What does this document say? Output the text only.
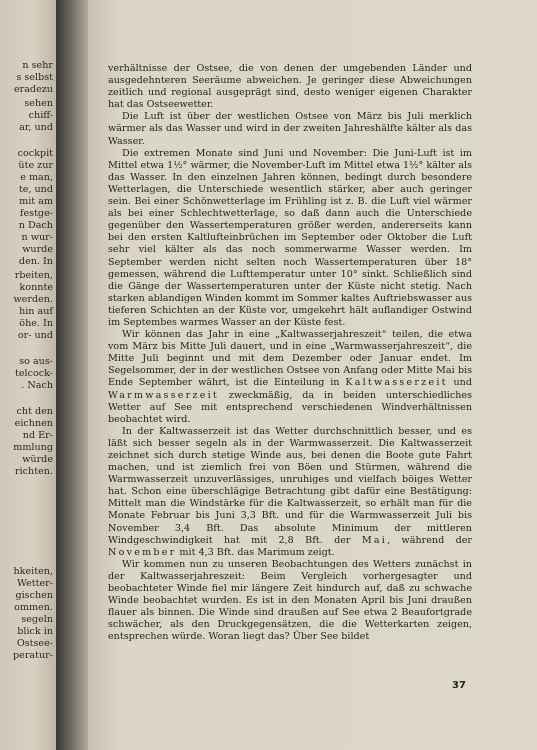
n sehr
s selbst
eradezu
sehen
chiff-
ar, und
cockpit
üte zur
e man,
te, und
mit am
festge-
n Dach
n wur-
wurde
den. In
rbeiten,
konnte
werden.
hin auf
öhe. In
or- und
so aus-
telcock-
. Nach
cht den
eichnen
nd Er-
mmlung
würde
richten.
hkeiten,
Wetter-
gischen
ommen.
segeln
blick in
Ostsee-
peratur-

verhältnisse der Ostsee, die von denen der umgebenden Länder und ausgedehnteren Seeräume abweichen. Je geringer diese Abweichungen zeitlich und regional ausgeprägt sind, desto weniger eigenen Charakter hat das Ostseewetter.

Die Luft ist über der westlichen Ostsee von März bis Juli merklich wärmer als das Wasser und wird in der zweiten Jahreshälfte kälter als das Wasser.

Die extremen Monate sind Juni und November: Die Juni-Luft ist im Mittel etwa 1½° wärmer, die November-Luft im Mittel etwa 1½° kälter als das Wasser. In den einzelnen Jahren können, bedingt durch besondere Wetterlagen, die Unterschiede wesentlich stärker, aber auch geringer sein. Bei einer Schönwetterlage im Frühling ist z. B. die Luft viel wärmer als bei einer Schlechtwetterlage, so daß dann auch die Unterschiede gegenüber den Wassertemperaturen größer werden, andererseits kann bei den ersten Kaltlufteinbrüchen im September oder Oktober die Luft sehr viel kälter als das noch sommerwarme Wasser werden. Im September werden nicht selten noch Wassertemperaturen über 18° gemessen, während die Lufttemperatur unter 10° sinkt. Schließlich sind die Gänge der Wassertemperaturen unter der Küste nicht stetig. Nach starken ablandigen Winden kommt im Sommer kaltes Auftriebswasser aus tieferen Schichten an der Küste vor, umgekehrt hält auflandiger Ostwind im Septembes warmes Wasser an der Küste fest.

Wir können das Jahr in eine „Kaltwasserjahreszeit“ teilen, die etwa vom März bis Mitte Juli dauert, und in eine „Warmwasserjahreszeit“, die Mitte Juli beginnt und mit dem Dezember oder Januar endet. Im Segelsommer, der in der westlichen Ostsee von Anfang oder Mitte Mai bis Ende September währt, ist die Einteilung in Kaltwasserzeit und Warmwasserzeit zweckmäßig, da in beiden unterschiedliches Wetter auf See mit entsprechend verschiedenen Windverhältnissen beobachtet wird.

In der Kaltwasserzeit ist das Wetter durchschnittlich besser, und es läßt sich besser segeln als in der Warmwasserzeit. Die Kaltwasserzeit zeichnet sich durch stetige Winde aus, bei denen die Boote gute Fahrt machen, und ist ziemlich frei von Böen und Stürmen, während die Warmwasserzeit unzuverlässiges, unruhiges und vielfach böiges Wetter hat. Schon eine überschlägige Betrachtung gibt dafür eine Bestätigung: Mittelt man die Windstärke für die Kaltwasserzeit, so erhält man für die Monate Februar bis Juni 3,3 Bft. und für die Warmwasserzeit Juli bis November 3,4 Bft. Das absolute Minimum der mittleren Windgeschwindigkeit hat mit 2,8 Bft. der Mai, während der November mit 4,3 Bft. das Marimum zeigt.

Wir kommen nun zu unseren Beobachtungen des Wetters zunächst in der Kaltwasserjahreszeit: Beim Vergleich vorhergesagter und beobachteter Winde fiel mir längere Zeit hindurch auf, daß zu schwache Winde beobachtet wurden. Es ist in den Monaten April bis Juni draußen flauer als binnen. Die Winde sind draußen auf See etwa 2 Beaufortgrade schwächer, als den Druckgegensätzen, die die Wetterkarten zeigen, entsprechen würde. Woran liegt das? Über See bildet

37
